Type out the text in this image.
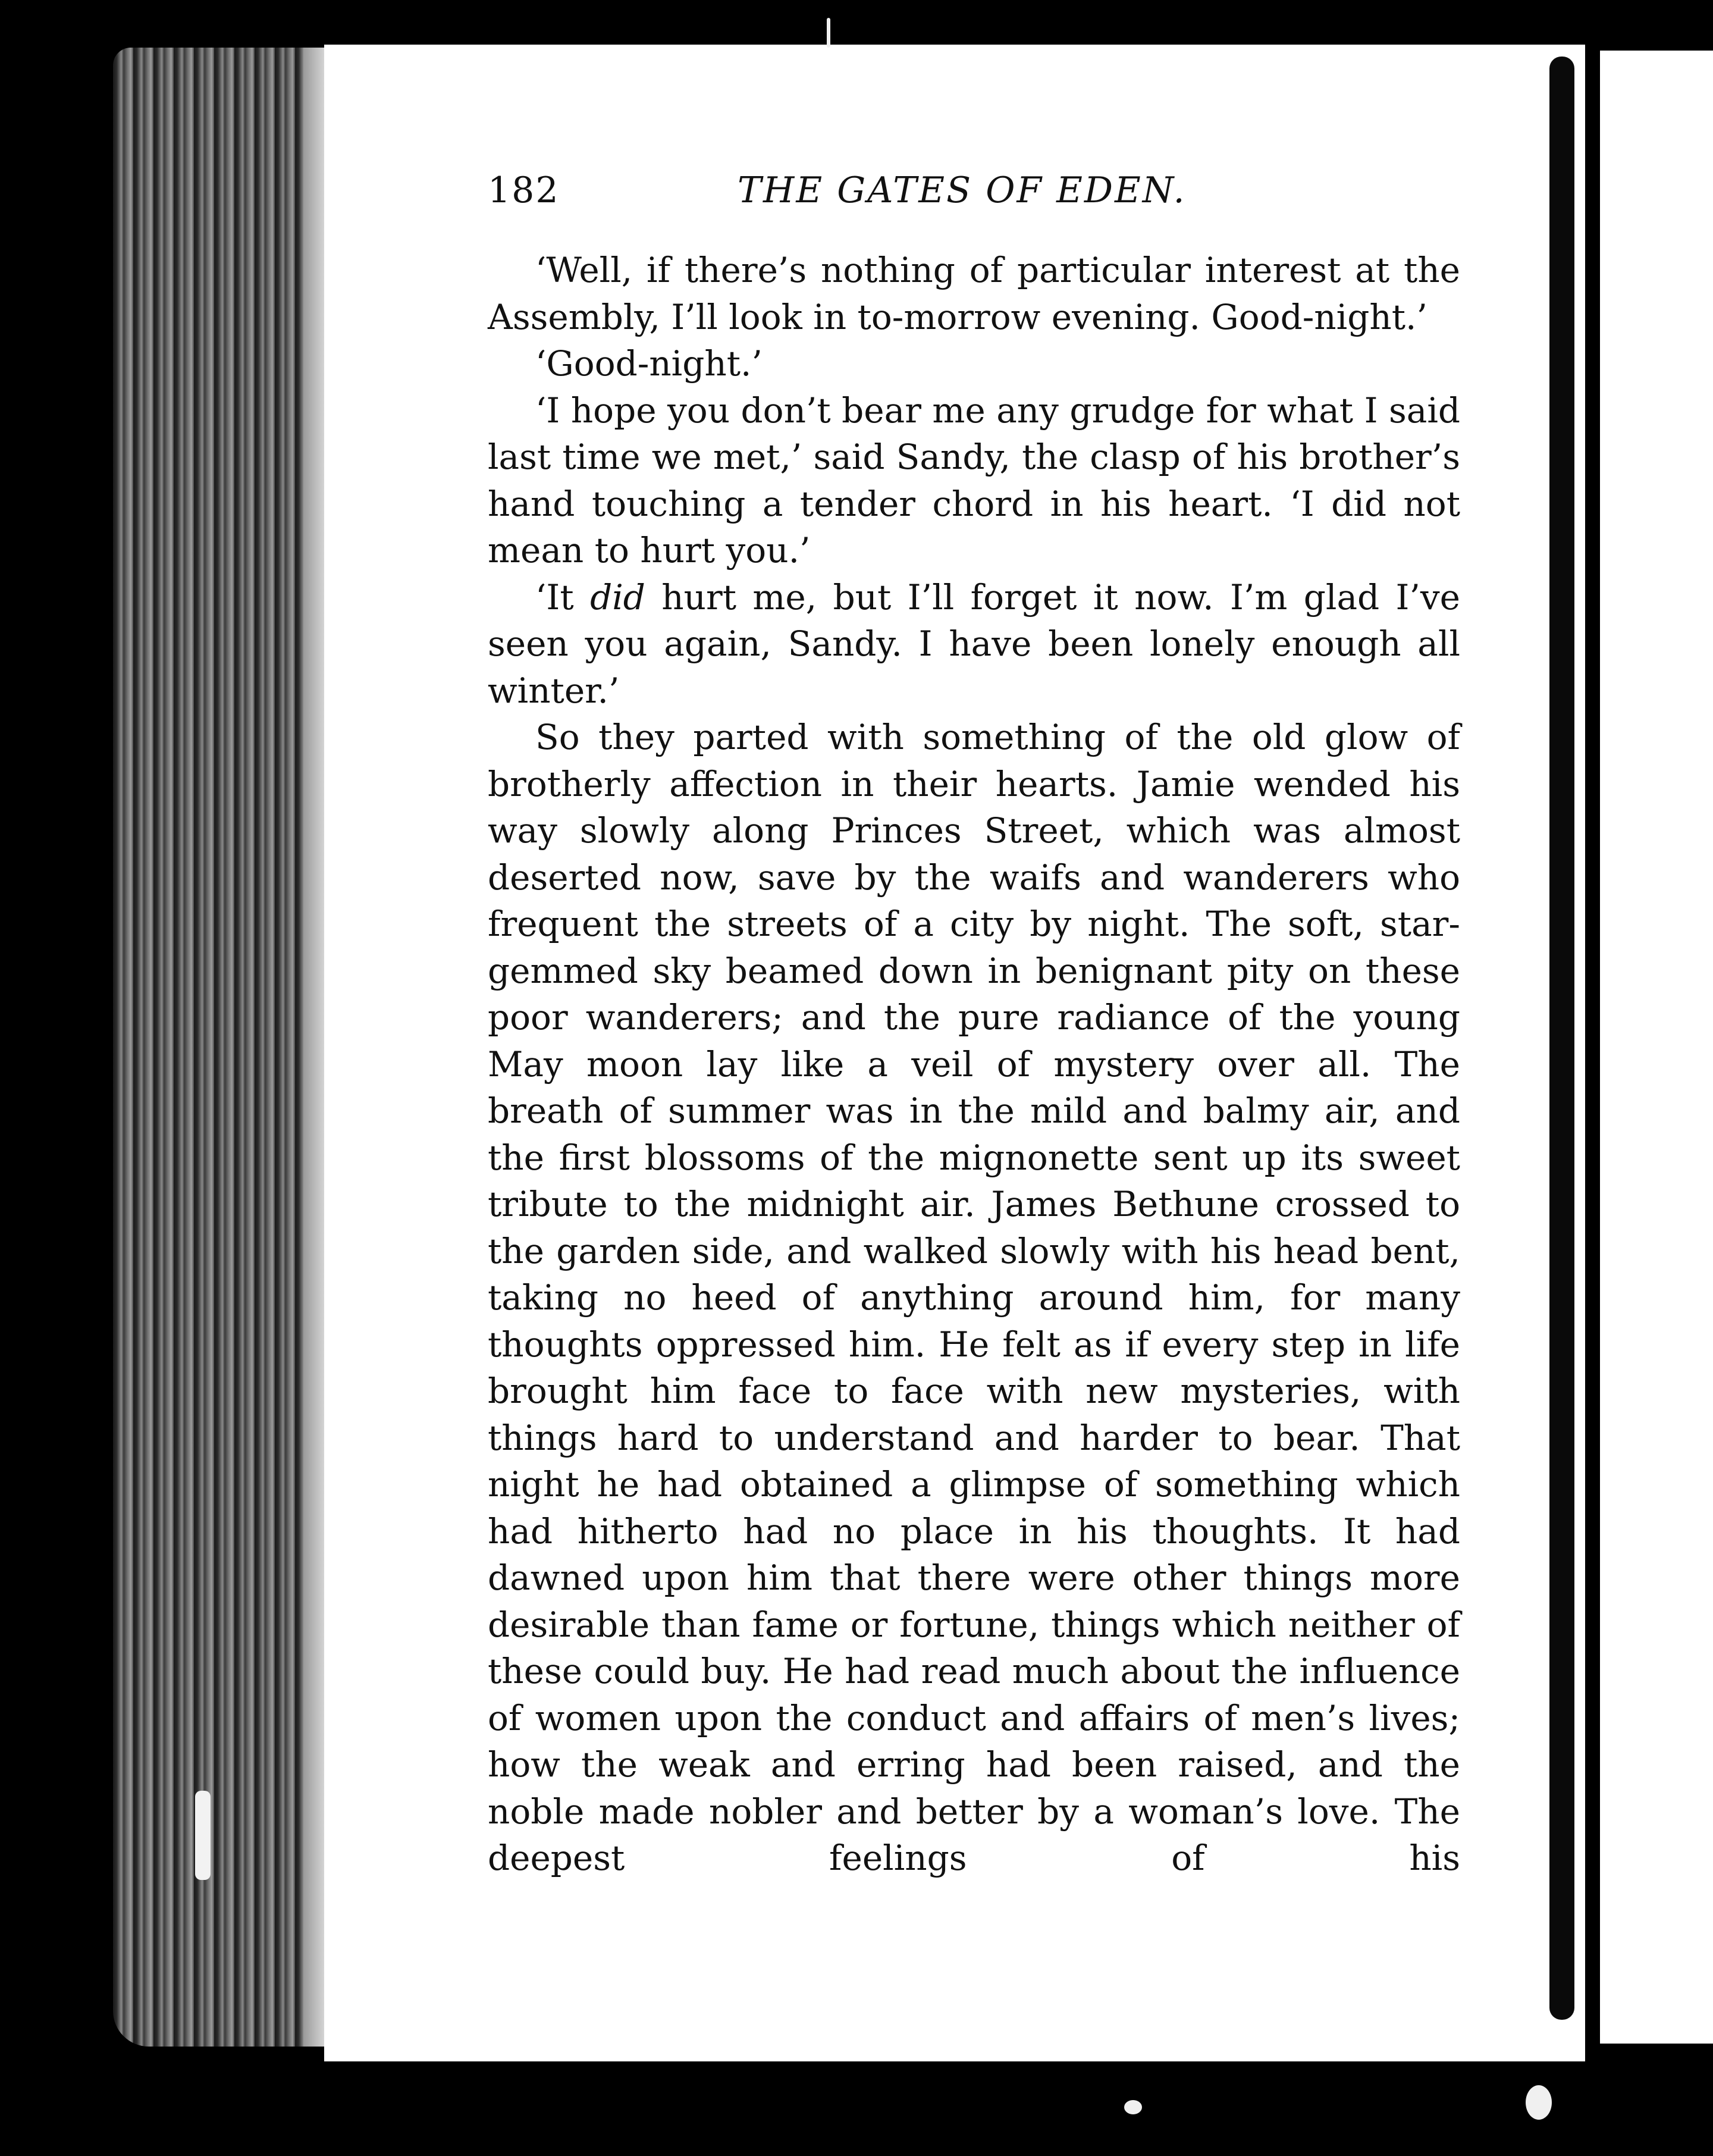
182	THE GATES OF EDEN.

‘Well, if there’s nothing of particular interest at the Assembly, I’ll look in to-morrow evening. Good-night.’

‘Good-night.’

‘I hope you don’t bear me any grudge for what I said last time we met,’ said Sandy, the clasp of his brother’s hand touching a tender chord in his heart. ‘I did not mean to hurt you.’

‘It did hurt me, but I’ll forget it now. I’m glad I’ve seen you again, Sandy. I have been lonely enough all winter.’

So they parted with something of the old glow of brotherly affection in their hearts. Jamie wended his way slowly along Princes Street, which was almost deserted now, save by the waifs and wanderers who frequent the streets of a city by night. The soft, star-gemmed sky beamed down in benignant pity on these poor wanderers; and the pure radiance of the young May moon lay like a veil of mystery over all. The breath of summer was in the mild and balmy air, and the first blossoms of the mignonette sent up its sweet tribute to the midnight air. James Bethune crossed to the garden side, and walked slowly with his head bent, taking no heed of anything around him, for many thoughts oppressed him. He felt as if every step in life brought him face to face with new mysteries, with things hard to understand and harder to bear. That night he had obtained a glimpse of something which had hitherto had no place in his thoughts. It had dawned upon him that there were other things more desirable than fame or fortune, things which neither of these could buy. He had read much about the influence of women upon the conduct and affairs of men’s lives; how the weak and erring had been raised, and the noble made nobler and better by a woman’s love. The deepest feelings of his
